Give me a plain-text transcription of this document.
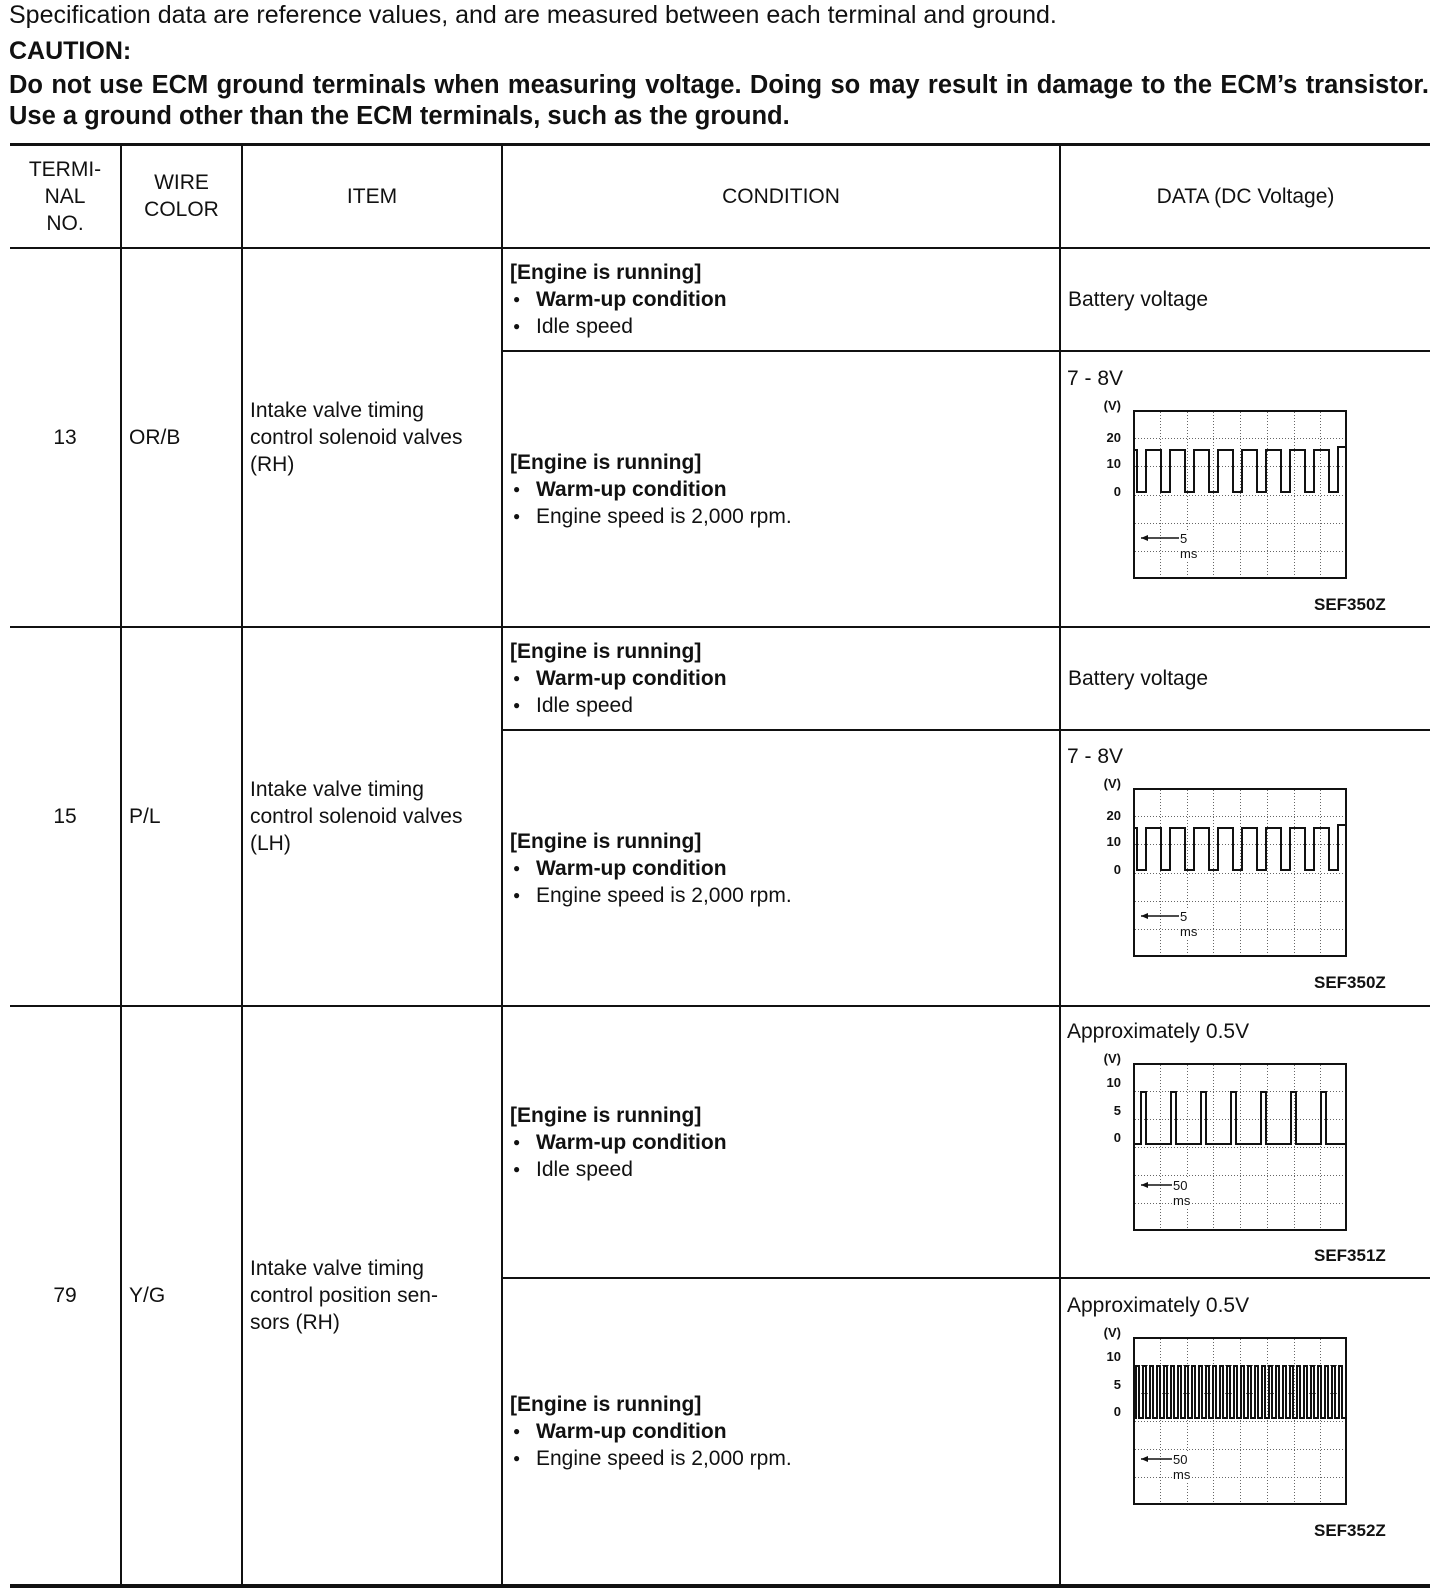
Specification data are reference values, and are measured between each terminal and ground.
CAUTION:
Do not use ECM ground terminals when measuring voltage. Doing so may result in damage to the ECM’s transistor. Use a ground other than the ECM terminals, such as the ground.
TERMI-
NAL
NO.
WIRE
COLOR
ITEM	CONDITION	DATA (DC Voltage)
13 OR/B
Intake valve timing
control solenoid valves
(RH)
[Engine is running]
● Warm-up condition
● Idle speed
Battery voltage
[Engine is running]
● Warm-up condition
● Engine speed is 2,000 rpm.
7 - 8V
(V)
20
10
0
5 ms
SEF350Z
15 P/L
Intake valve timing
control solenoid valves
(LH)
[Engine is running]
● Warm-up condition
● Idle speed
Battery voltage
[Engine is running]
● Warm-up condition
● Engine speed is 2,000 rpm.
7 - 8V
(V)
20
10
0
5 ms
SEF350Z
79 Y/G
Intake valve timing
control position sen-
sors (RH)
[Engine is running]
● Warm-up condition
● Idle speed
Approximately 0.5V
(V)
10
5
0
50 ms
SEF351Z
[Engine is running]
● Warm-up condition
● Engine speed is 2,000 rpm.
Approximately 0.5V
(V)
10
5
0
50 ms
SEF352Z
